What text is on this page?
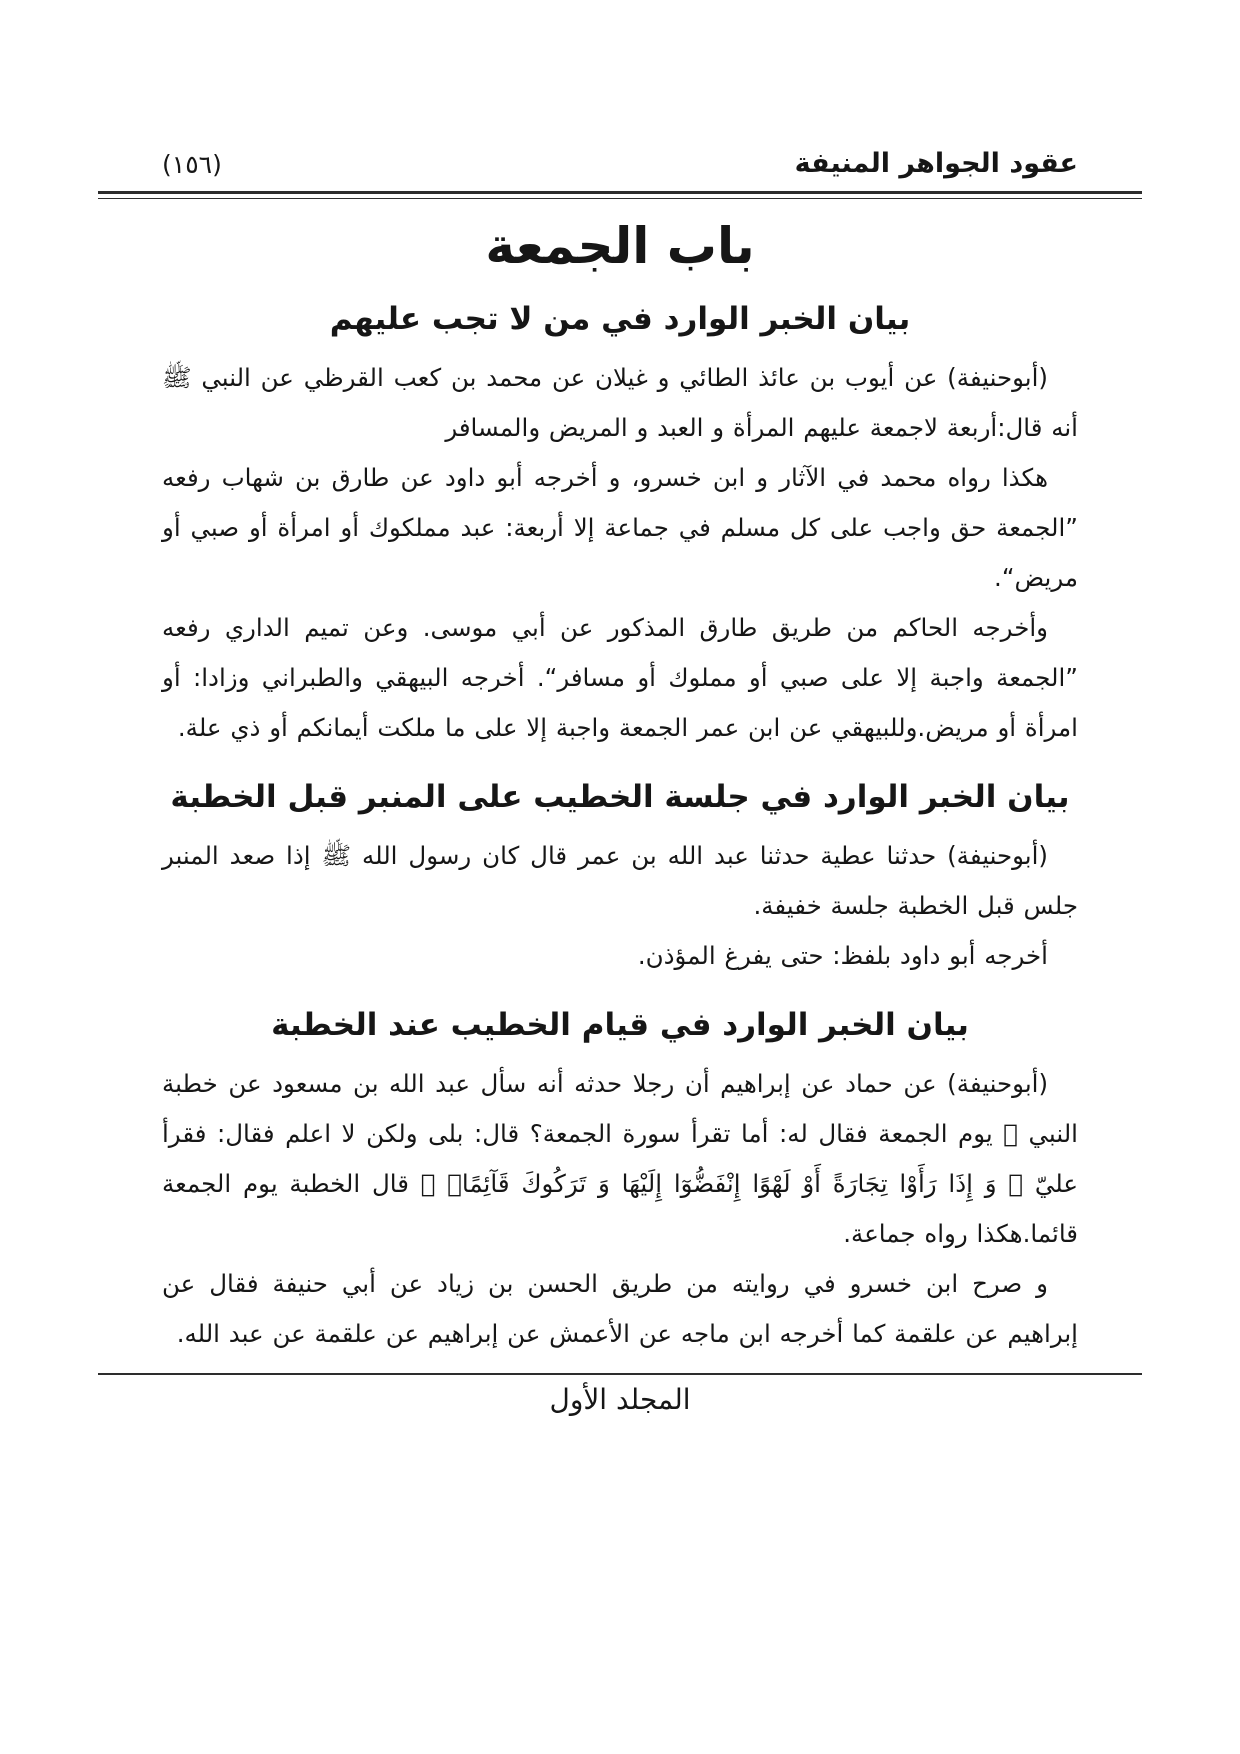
(١٥٦)	عقود الجواهر المنيفة
باب الجمعة
بيان الخبر الوارد في من لا تجب عليهم

(أبوحنيفة) عن أيوب بن عائذ الطائي و غيلان عن محمد بن كعب القرظي عن النبي ﷺ أنه قال:أربعة لاجمعة عليهم المرأة و العبد و المريض والمسافر

هكذا رواه محمد في الآثار و ابن خسرو، و أخرجه أبو داود عن طارق بن شهاب رفعه ”الجمعة حق واجب على كل مسلم في جماعة إلا أربعة: عبد مملكوك أو امرأة أو صبي أو مريض“.

وأخرجه الحاكم من طريق طارق المذكور عن أبي موسى. وعن تميم الداري رفعه ”الجمعة واجبة إلا على صبي أو مملوك أو مسافر“. أخرجه البيهقي والطبراني وزادا: أو امرأة أو مريض.وللبيهقي عن ابن عمر الجمعة واجبة إلا على ما ملكت أيمانكم أو ذي علة.

بيان الخبر الوارد في جلسة الخطيب على المنبر قبل الخطبة

(أبوحنيفة) حدثنا عطية حدثنا عبد الله بن عمر قال كان رسول الله ﷺ إذا صعد المنبر جلس قبل الخطبة جلسة خفيفة.

أخرجه أبو داود بلفظ: حتى يفرغ المؤذن.

بيان الخبر الوارد في قيام الخطيب عند الخطبة

(أبوحنيفة) عن حماد عن إبراهيم أن رجلا حدثه أنه سأل عبد الله بن مسعود عن خطبة النبي ﷺ يوم الجمعة فقال له: أما تقرأ سورة الجمعة؟ قال: بلى ولكن لا اعلم فقال: فقرأ عليّ ﴿ وَ إِذَا رَأَوْا تِجَارَةً أَوْ لَهْوًا إِنْفَضُّوٓا إِلَيْهَا وَ تَرَكُوكَ قَآئِمًاۤ ﴾ قال الخطبة يوم الجمعة قائما.هكذا رواه جماعة.

و صرح ابن خسرو في روايته من طريق الحسن بن زياد عن أبي حنيفة فقال عن إبراهيم عن علقمة كما أخرجه ابن ماجه عن الأعمش عن إبراهيم عن علقمة عن عبد الله.

المجلد الأول
